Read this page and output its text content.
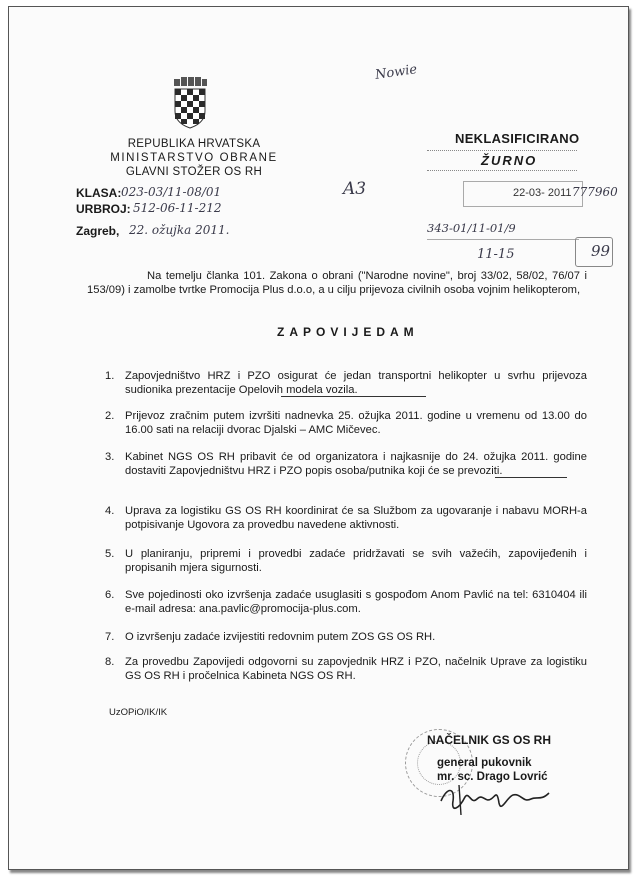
REPUBLIKA HRVATSKA
MINISTARSTVO OBRANE
GLAVNI STOŽER OS RH
KLASA: 023-03/11-08/01
URBROJ: 512-06-11-212
Zagreb, 22. ožujka 2011.
Nowie
A3
NEKLASIFICIRANO
ŽURNO
22-03- 2011 777960
343-01/11-01/9
11-15	99
Na temelju članka 101. Zakona o obrani ("Narodne novine", broj 33/02, 58/02, 76/07 i 153/09) i zamolbe tvrtke Promocija Plus d.o.o, a u cilju prijevoza civilnih osoba vojnim helikopterom,
ZAPOVIJEDAM
1. Zapovjedništvo HRZ i PZO osigurat će jedan transportni helikopter u svrhu prijevoza sudionika prezentacije Opelovih modela vozila.
2. Prijevoz zračnim putem izvršiti nadnevka 25. ožujka 2011. godine u vremenu od 13.00 do 16.00 sati na relaciji dvorac Djalski – AMC Mičevec.
3. Kabinet NGS OS RH pribavit će od organizatora i najkasnije do 24. ožujka 2011. godine dostaviti Zapovjedništvu HRZ i PZO popis osoba/putnika koji će se prevoziti.
4. Uprava za logistiku GS OS RH koordinirat će sa Službom za ugovaranje i nabavu MORH-a potpisivanje Ugovora za provedbu navedene aktivnosti.
5. U planiranju, pripremi i provedbi zadaće pridržavati se svih važećih, zapovijeđenih i propisanih mjera sigurnosti.
6. Sve pojedinosti oko izvršenja zadaće usuglasiti s gospođom Anom Pavlić na tel: 6310404 ili e-mail adresa: ana.pavlic@promocija-plus.com.
7. O izvršenju zadaće izvijestiti redovnim putem ZOS GS OS RH.
8. Za provedbu Zapovijedi odgovorni su zapovjednik HRZ i PZO, načelnik Uprave za logistiku GS OS RH i pročelnica Kabineta NGS OS RH.
UzOPiO/IK/IK
NAČELNIK GS OS RH
general pukovnik
mr. sc. Drago Lovrić
